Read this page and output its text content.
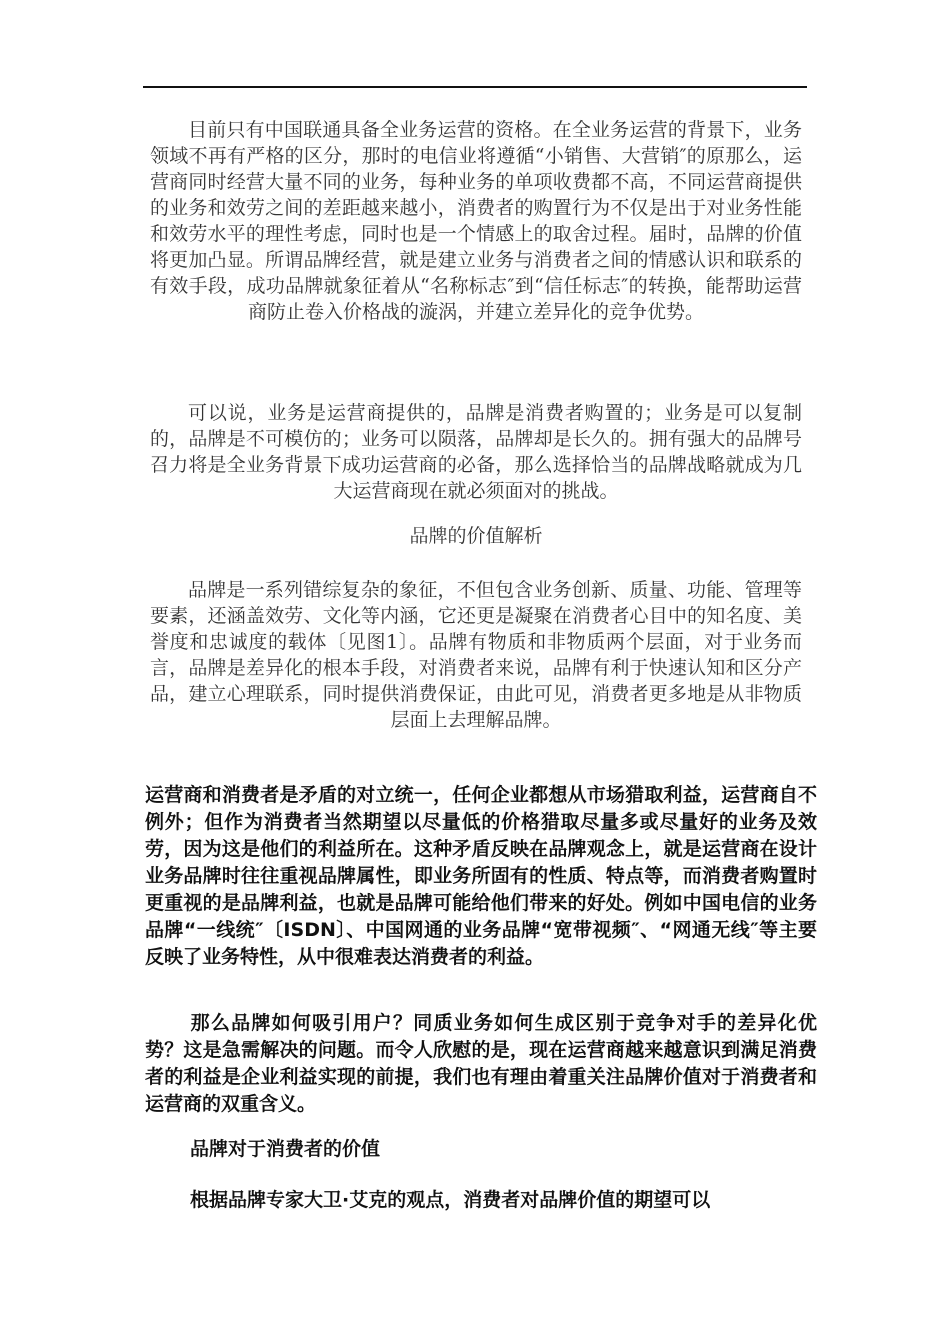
目前只有中国联通具备全业务运营的资格。在全业务运营的背景下，业务领域不再有严格的区分，那时的电信业将遵循“小销售、大营销″的原那么，运营商同时经营大量不同的业务，每种业务的单项收费都不高，不同运营商提供的业务和效劳之间的差距越来越小，消费者的购置行为不仅是出于对业务性能和效劳水平的理性考虑，同时也是一个情感上的取舍过程。届时，品牌的价值将更加凸显。所谓品牌经营，就是建立业务与消费者之间的情感认识和联系的有效手段，成功品牌就象征着从“名称标志″到“信任标志″的转换，能帮助运营商防止卷入价格战的漩涡，并建立差异化的竞争优势。

可以说，业务是运营商提供的，品牌是消费者购置的；业务是可以复制的，品牌是不可模仿的；业务可以陨落，品牌却是长久的。拥有强大的品牌号召力将是全业务背景下成功运营商的必备，那么选择恰当的品牌战略就成为几大运营商现在就必须面对的挑战。

品牌的价值解析

品牌是一系列错综复杂的象征，不但包含业务创新、质量、功能、管理等要素，还涵盖效劳、文化等内涵，它还更是凝聚在消费者心目中的知名度、美誉度和忠诚度的载体〔见图1〕。品牌有物质和非物质两个层面，对于业务而言，品牌是差异化的根本手段，对消费者来说，品牌有利于快速认知和区分产品，建立心理联系，同时提供消费保证，由此可见，消费者更多地是从非物质层面上去理解品牌。

运营商和消费者是矛盾的对立统一，任何企业都想从市场猎取利益，运营商自不例外；但作为消费者当然期望以尽量低的价格猎取尽量多或尽量好的业务及效劳，因为这是他们的利益所在。这种矛盾反映在品牌观念上，就是运营商在设计业务品牌时往往重视品牌属性，即业务所固有的性质、特点等，而消费者购置时更重视的是品牌利益，也就是品牌可能给他们带来的好处。例如中国电信的业务品牌“一线统″〔ISDN〕、中国网通的业务品牌“宽带视频″、“网通无线″等主要反映了业务特性，从中很难表达消费者的利益。

那么品牌如何吸引用户？同质业务如何生成区别于竞争对手的差异化优势？这是急需解决的问题。而令人欣慰的是，现在运营商越来越意识到满足消费者的利益是企业利益实现的前提，我们也有理由着重关注品牌价值对于消费者和运营商的双重含义。

品牌对于消费者的价值

根据品牌专家大卫·艾克的观点，消费者对品牌价值的期望可以
